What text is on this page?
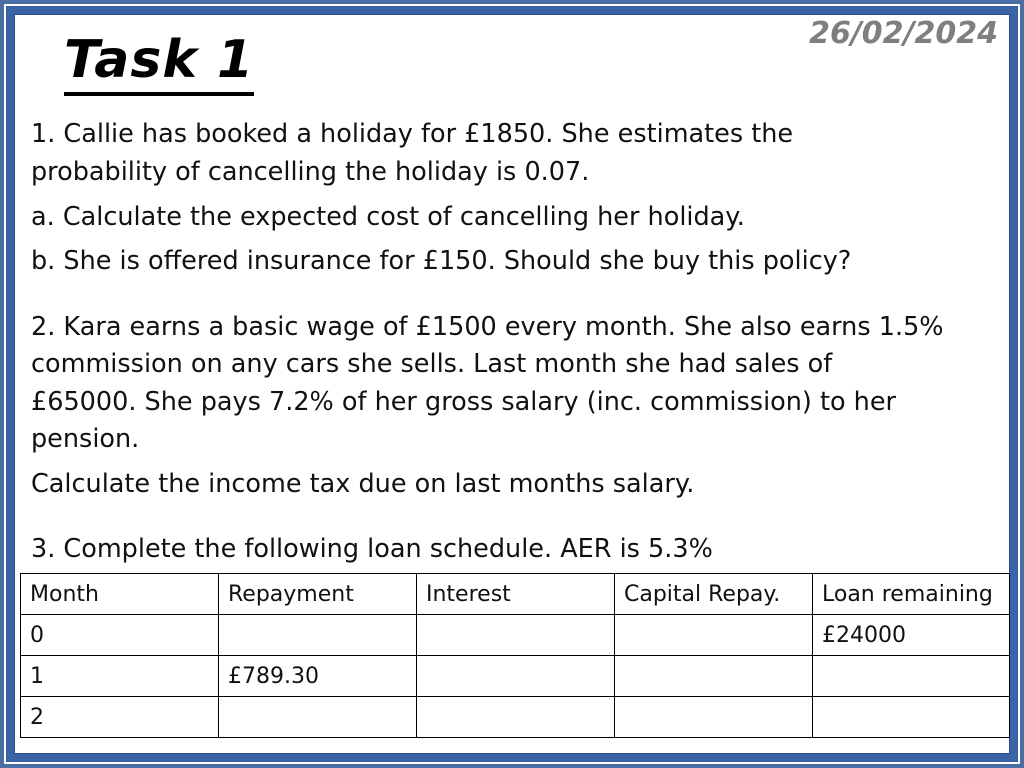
Task 1	26/02/2024
1. Callie has booked a holiday for £1850. She estimates the
probability of cancelling the holiday is 0.07.
a. Calculate the expected cost of cancelling her holiday.
b. She is offered insurance for £150. Should she buy this policy?
2. Kara earns a basic wage of £1500 every month. She also earns 1.5%
commission on any cars she sells. Last month she had sales of
£65000. She pays 7.2% of her gross salary (inc. commission) to her
pension.
Calculate the income tax due on last months salary.
3. Complete the following loan schedule. AER is 5.3%
Month	Repayment	Interest	Capital Repay.	Loan remaining
0				£24000
1	£789.30			
2				
